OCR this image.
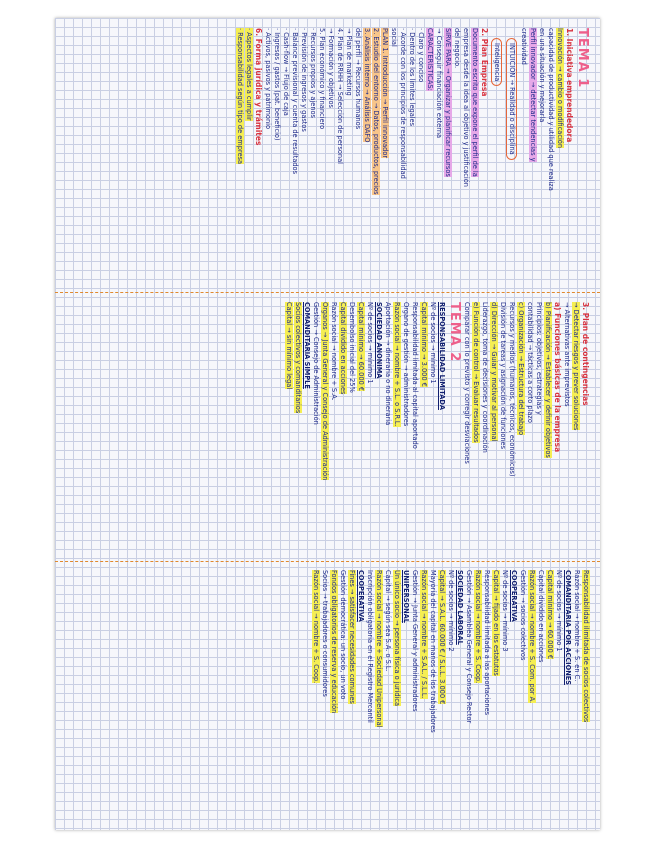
TEMA 1
1. Iniciativa emprendedora
Innovación → cambio o modificación
capacidad de productividad y utilidad que realiza
en una situación y mejorarla
Perfil innovador → detectar tendencias y
creatividad
INTUICIÓN → Realidad o disciplina
Inteligencia
2. Plan Empresa
Documento escrito que expone el perfil de la
empresa desde la idea al objetivo y justificación
del negocio.
SIRVE PARA → Organizar y planificar recursos
→ Conseguir financiación externa
CARACTERÍSTICAS:
· Claro y conciso
· Dentro de los límites legales
· Acorde con los principios de responsabilidad
social
PLAN 1. Introducción → Perfil innovador
2. Estudio del entorno → Datos, productos, precios
3. Análisis interno → Análisis DAFO
del perfil → Recursos humanos
→ Plan de marketing
4. Plan de RRHH → Selección de personal
→ Formación y objetivos
5. Plan económico y financiero
· Recursos propios y ajenos
· Previsión de ingresos y gastos
· Balance previsional y cuenta de resultados
· Cash-flow → Flujo de caja
· Ingresos / gastos (pat. beneficio)
· Activos, pasivos y patrimonio
6. Forma jurídica y trámites
· Aspectos legales a cumplir
· Responsabilidad según tipo de empresa
3. Plan de contingencias
→ Detectar riesgos y prever soluciones
→ Alternativas ante imprevistos
a) Funciones básicas de la empresa
b) Planificación → Establecer y definir objetivos
Principios: objetivos, estrategias y
contabilidad → tácticas a corto plazo
c) Organización → Estructura del trabajo
Recursos y medios (humanos, técnicos, económicos)
División de tareas y asignación de funciones
d) Dirección → Guiar y motivar al personal
Liderazgo, toma de decisiones y coordinación
e) Función de control → Evaluar resultados
Comparar con lo previsto y corregir desviaciones
TEMA 2
RESPONSABILIDAD LIMITADA
Nº de socios → mínimo 1
Capital mínimo → 3.000 €
Responsabilidad limitada al capital aportado
Órgano de gestión → administradores
Razón social → nombre + S.L. o S.R.L.
Aportación → dineraria o no dineraria
SOCIEDAD ANÓNIMA
Nº de socios → mínimo 1
Capital mínimo → 60.000 €
Desembolso inicial del 25%
Capital dividido en acciones
Razón social → nombre + S.A.
Órganos → Junta General y Consejo de Administración
Gestión → Consejo de Administración
COMANDITARIA SIMPLE
Socios colectivos y comanditarios
Capital → sin mínimo legal
Responsabilidad ilimitada de socios colectivos
Razón social → nombre + S. en C.
COMANDITARIA POR ACCIONES
Nº de socios → mínimo 1
Capital mínimo → 60.000 €
Capital dividido en acciones
Razón social → nombre + S. Com. por A.
Gestión → socios colectivos
COOPERATIVA
Nº de socios → mínimo 3
Capital → fijado en los estatutos
Responsabilidad limitada a las aportaciones
Razón social → nombre + S. Coop.
Gestión → Asamblea General y Consejo Rector
SOCIEDAD LABORAL
Nº de socios → mínimo 2
Capital → S.A.L. 60.000 € / S.L.L. 3.000 €
Mayoría del capital en manos de los trabajadores
Razón social → nombre + S.A.L. / S.L.L.
Gestión → Junta General y administradores
UNIPERSONAL
Un único socio → persona física o jurídica
Capital → según sea S.A. o S.L.
Razón social → nombre + Sociedad Unipersonal
Inscripción obligatoria en el Registro Mercantil
COOPERATIVA
Fines → satisfacer necesidades comunes
Gestión democrática: un socio, un voto
Fondos obligatorios de reserva y educación
Socios → trabajadores o consumidores
Razón social → nombre + S. Coop.
